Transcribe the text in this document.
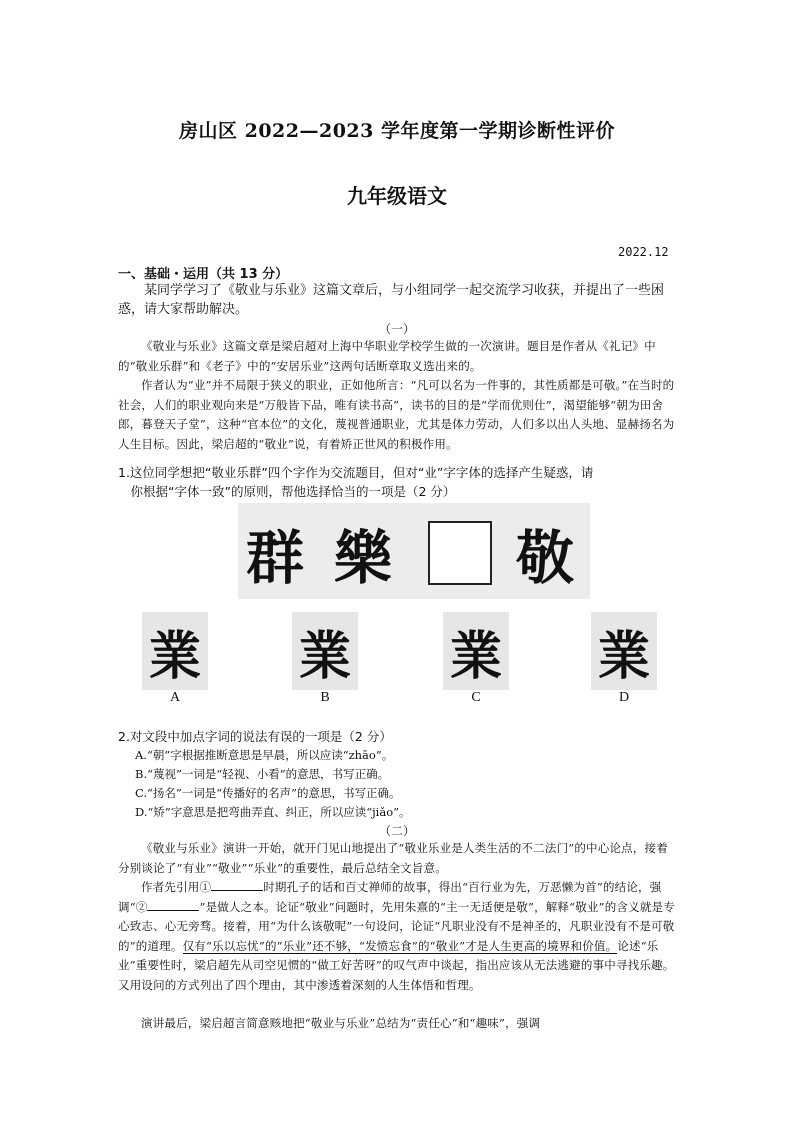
房山区 2022—2023 学年度第一学期诊断性评价
九年级语文
2022.12
一、基础・运用（共 13 分）
某同学学习了《敬业与乐业》这篇文章后，与小组同学一起交流学习收获，并提出了一些困惑，请大家帮助解决。
（一）
《敬业与乐业》这篇文章是梁启超对上海中华职业学校学生做的一次演讲。题目是作者从《礼记》中的“敬业乐群”和《老子》中的“安居乐业”这两句话断章取义选出来的。
作者认为“业”并不局限于狭义的职业，正如他所言：“凡可以名为一件事的，其性质都是可敬。”在当时的社会，人们的职业观向来是“万般皆下品，唯有读书高”，读书的目的是“学而优则仕”，渴望能够“朝为田舍郎，暮登天子堂”，这种“官本位”的文化，蔑视普通职业，尤其是体力劳动，人们多以出人头地、显赫扬名为人生目标。因此，梁启超的“敬业”说，有着矫正世风的积极作用。
1.这位同学想把“敬业乐群”四个字作为交流题目，但对“业”字字体的选择产生疑惑，请
你根据“字体一致”的原则，帮他选择恰当的一项是（2 分）
群 樂 敬
業
A
業
B
業
C
業
D
2.对文段中加点字词的说法有误的一项是（2 分）
A.“朝”字根据推断意思是早晨，所以应读“zhāo”。
B.“蔑视”一词是“轻视、小看”的意思，书写正确。
C.“扬名”一词是“传播好的名声”的意思，书写正确。
D.“矫”字意思是把弯曲弄直、纠正，所以应读“jiǎo”。
（二）
《敬业与乐业》演讲一开始，就开门见山地提出了“敬业乐业是人类生活的不二法门”的中心论点，接着分别谈论了“有业”“敬业”“乐业”的重要性，最后总结全文旨意。
作者先引用①	时期孔子的话和百丈禅师的故事，得出“百行业为先，万恶懒为首”的结论，强调“②	”是做人之本。论证“敬业”问题时，先用朱熹的“主一无适便是敬”，解释“敬业”的含义就是专心致志、心无旁骛。接着，用“为什么该敬呢”一句设问，论证“凡职业没有不是神圣的，凡职业没有不是可敬的”的道理。仅有“乐以忘忧”的“乐业”还不够，“发愤忘食”的“敬业”才是人生更高的境界和价值。论述“乐业”重要性时，梁启超先从司空见惯的“做工好苦呀”的叹气声中谈起，指出应该从无法逃避的事中寻找乐趣。又用设问的方式列出了四个理由，其中渗透着深刻的人生体悟和哲理。
演讲最后，梁启超言简意赅地把“敬业与乐业”总结为“责任心”和“趣味”，强调
